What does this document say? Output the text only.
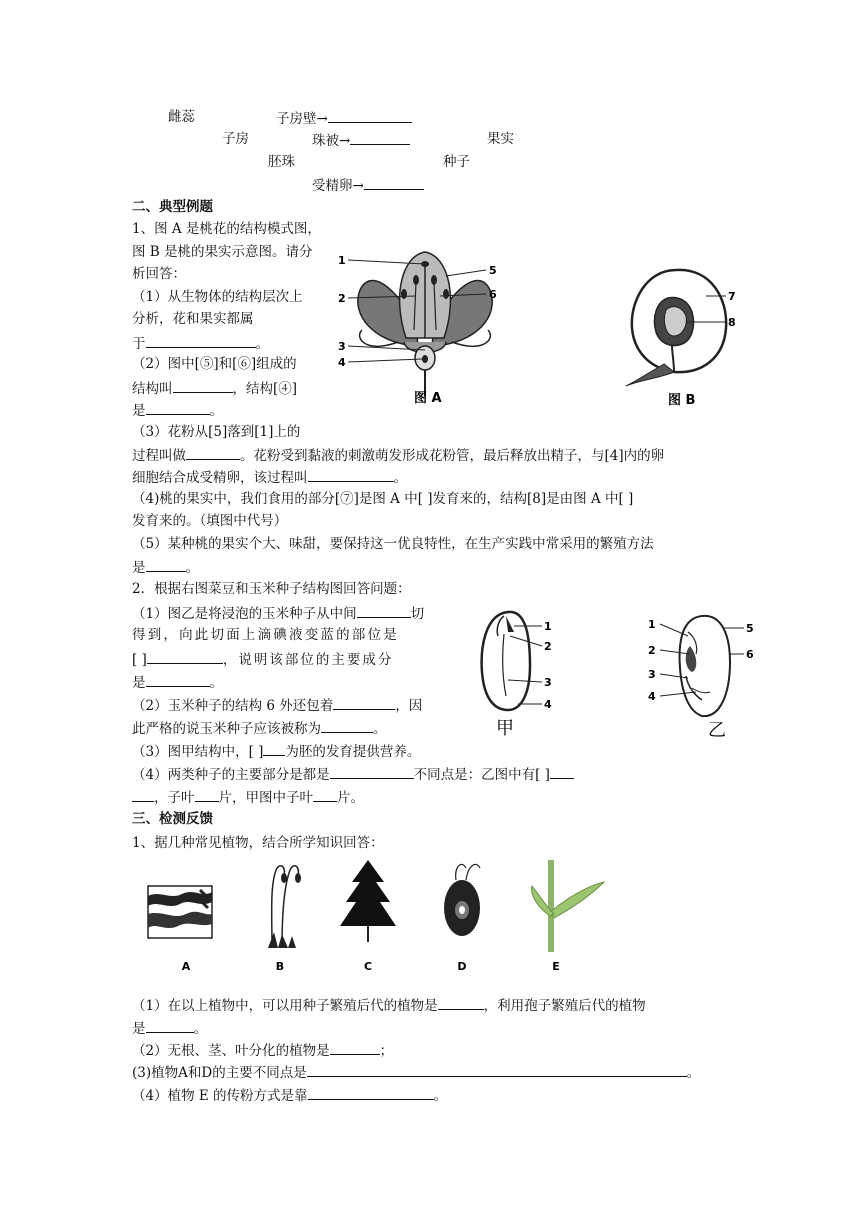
雌蕊	子房壁→
子房	珠被→	果实
胚珠	种子
受精卵→
二、典型例题
1、图 A 是桃花的结构模式图，
图 B 是桃的果实示意图。请分
析回答：
（1）从生物体的结构层次上
分析，花和果实都属
于	。
（2）图中[⑤]和[⑥]组成的
结构叫	，结构[④]
是	。
（3）花粉从[5]落到[1]上的
过程叫做	。花粉受到黏液的刺激萌发形成花粉管，最后释放出精子，与[4]内的卵
细胞结合成受精卵，该过程叫	。
（4)桃的果实中，我们食用的部分[⑦]是图 A 中[ ]发育来的，结构[8]是由图 A 中[ ]
发育来的。（填图中代号）
（5）某种桃的果实个大、味甜，要保持这一优良特性，在生产实践中常采用的繁殖方法
是	。
1
2
3
4
5
6
图 A
7
8
图 B
2．根据右图菜豆和玉米种子结构图回答问题：
（1）图乙是将浸泡的玉米种子从中间	切
得到，向此切面上滴碘液变蓝的部位是
[ ]	，说明该部位的主要成分
是	。
（2）玉米种子的结构 6 外还包着	，因
此严格的说玉米种子应该被称为	。
（3）图甲结构中，[ ] 为胚的发育提供营养。
（4）两类种子的主要部分是都是	不同点是：乙图中有[ ]
，子叶 片，甲图中子叶 片。
1
2
3
4
甲
1
2
3
4
5
6
乙
三、检测反馈
1、据几种常见植物，结合所学知识回答：
A	B	C	D	E
（1）在以上植物中，可以用种子繁殖后代的植物是	，利用孢子繁殖后代的植物
是	。
（2）无根、茎、叶分化的植物是	；
(3)植物A和D的主要不同点是	。
（4）植物 E 的传粉方式是靠	。
